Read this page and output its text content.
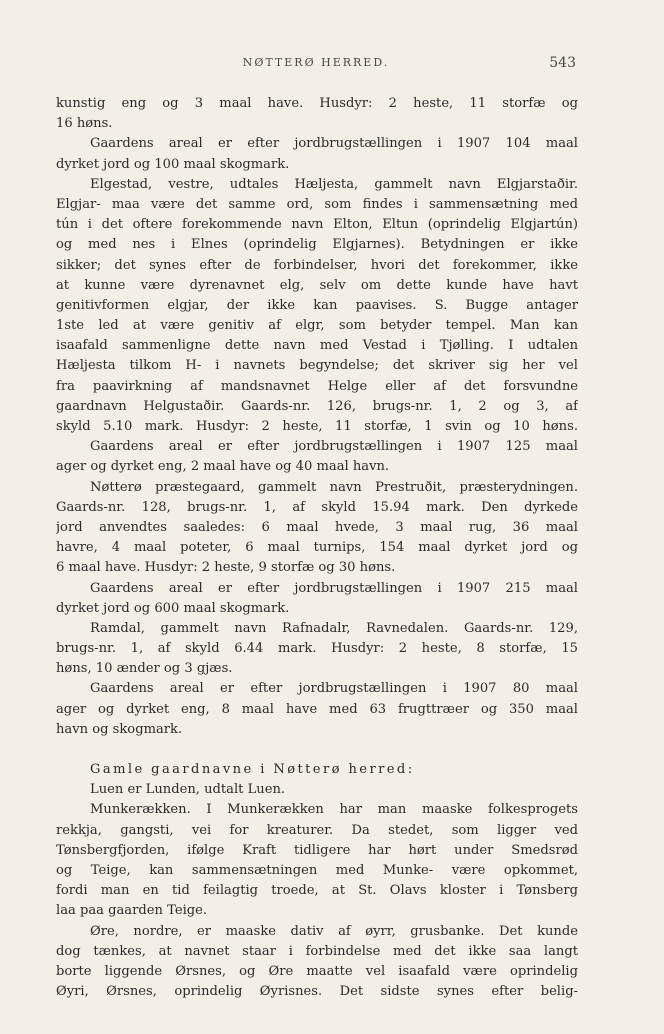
NØTTERØ HERRED.	543
kunstig eng og 3 maal have. Husdyr: 2 heste, 11 storfæ og
16 høns.
Gaardens areal er efter jordbrugstællingen i 1907 104 maal
dyrket jord og 100 maal skogmark.
Elgestad, vestre, udtales Hæljesta, gammelt navn Elgjarstaðir.
Elgjar- maa være det samme ord, som findes i sammensætning med
tún i det oftere forekommende navn Elton, Eltun (oprindelig Elgjartún)
og med nes i Elnes (oprindelig Elgjarnes). Betydningen er ikke
sikker; det synes efter de forbindelser, hvori det forekommer, ikke
at kunne være dyrenavnet elg, selv om dette kunde have havt
genitivformen elgjar, der ikke kan paavises. S. Bugge antager
1ste led at være genitiv af elgr, som betyder tempel. Man kan
isaafald sammenligne dette navn med Vestad i Tjølling. I udtalen
Hæljesta tilkom H- i navnets begyndelse; det skriver sig her vel
fra paavirkning af mandsnavnet Helge eller af det forsvundne
gaardnavn Helgustaðir. Gaards-nr. 126, brugs-nr. 1, 2 og 3, af
skyld 5.10 mark. Husdyr: 2 heste, 11 storfæ, 1 svin og 10 høns.
Gaardens areal er efter jordbrugstællingen i 1907 125 maal
ager og dyrket eng, 2 maal have og 40 maal havn.
Nøtterø præstegaard, gammelt navn Prestruðit, præsterydningen.
Gaards-nr. 128, brugs-nr. 1, af skyld 15.94 mark. Den dyrkede
jord anvendtes saaledes: 6 maal hvede, 3 maal rug, 36 maal
havre, 4 maal poteter, 6 maal turnips, 154 maal dyrket jord og
6 maal have. Husdyr: 2 heste, 9 storfæ og 30 høns.
Gaardens areal er efter jordbrugstællingen i 1907 215 maal
dyrket jord og 600 maal skogmark.
Ramdal, gammelt navn Rafnadalr, Ravnedalen. Gaards-nr. 129,
brugs-nr. 1, af skyld 6.44 mark. Husdyr: 2 heste, 8 storfæ, 15
høns, 10 ænder og 3 gjæs.
Gaardens areal er efter jordbrugstællingen i 1907 80 maal
ager og dyrket eng, 8 maal have med 63 frugttræer og 350 maal
havn og skogmark.
Gamle gaardnavne i Nøtterø herred:
Luen er Lunden, udtalt Luen.
Munkerækken. I Munkerækken har man maaske folkesprogets
rekkja, gangsti, vei for kreaturer. Da stedet, som ligger ved
Tønsbergfjorden, ifølge Kraft tidligere har hørt under Smedsrød
og Teige, kan sammensætningen med Munke- være opkommet,
fordi man en tid feilagtig troede, at St. Olavs kloster i Tønsberg
laa paa gaarden Teige.
Øre, nordre, er maaske dativ af øyrr, grusbanke. Det kunde
dog tænkes, at navnet staar i forbindelse med det ikke saa langt
borte liggende Ørsnes, og Øre maatte vel isaafald være oprindelig
Øyri, Ørsnes, oprindelig Øyrisnes. Det sidste synes efter belig-
